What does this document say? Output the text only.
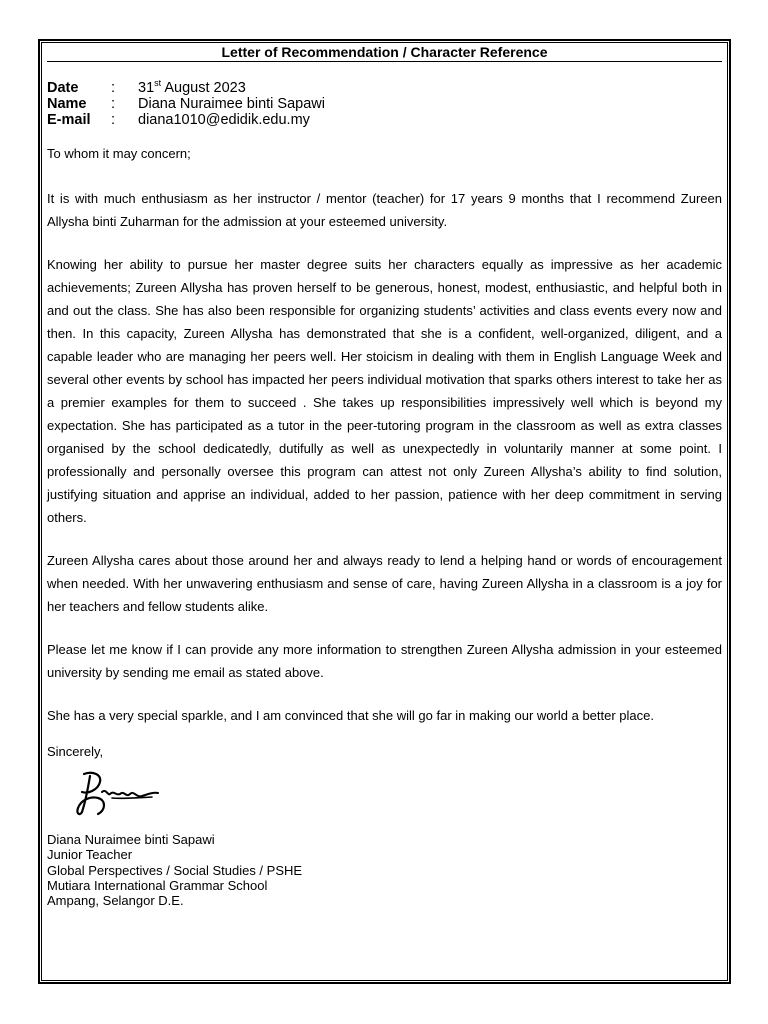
Letter of Recommendation / Character Reference
Date	:	31st August 2023
Name	:	Diana Nuraimee binti Sapawi
E-mail	:	diana1010@edidik.edu.my
To whom it may concern;
It is with much enthusiasm as her instructor / mentor (teacher) for 17 years 9 months that I recommend Zureen Allysha binti Zuharman for the admission at your esteemed university.
Knowing her ability to pursue her master degree suits her characters equally as impressive as her academic achievements; Zureen Allysha has proven herself to be generous, honest, modest, enthusiastic, and helpful both in and out the class. She has also been responsible for organizing students’ activities and class events every now and then. In this capacity, Zureen Allysha has demonstrated that she is a confident, well-organized, diligent, and a capable leader who are managing her peers well. Her stoicism in dealing with them in English Language Week and several other events by school has impacted her peers individual motivation that sparks others interest to take her as a premier examples for them to succeed . She takes up responsibilities impressively well which is beyond my expectation. She has participated as a tutor in the peer-tutoring program in the classroom as well as extra classes organised by the school dedicatedly, dutifully as well as unexpectedly in voluntarily manner at some point. I professionally and personally oversee this program can attest not only Zureen Allysha’s ability to find solution, justifying situation and apprise an individual, added to her passion, patience with her deep commitment in serving others.
Zureen Allysha cares about those around her and always ready to lend a helping hand or words of encouragement when needed. With her unwavering enthusiasm and sense of care, having Zureen Allysha in a classroom is a joy for her teachers and fellow students alike.
Please let me know if I can provide any more information to strengthen Zureen Allysha admission in your esteemed university by sending me email as stated above.
She has a very special sparkle, and I am convinced that she will go far in making our world a better place.
Sincerely,
Diana Nuraimee binti Sapawi
Junior Teacher
Global Perspectives / Social Studies / PSHE
Mutiara International Grammar School
Ampang, Selangor D.E.
